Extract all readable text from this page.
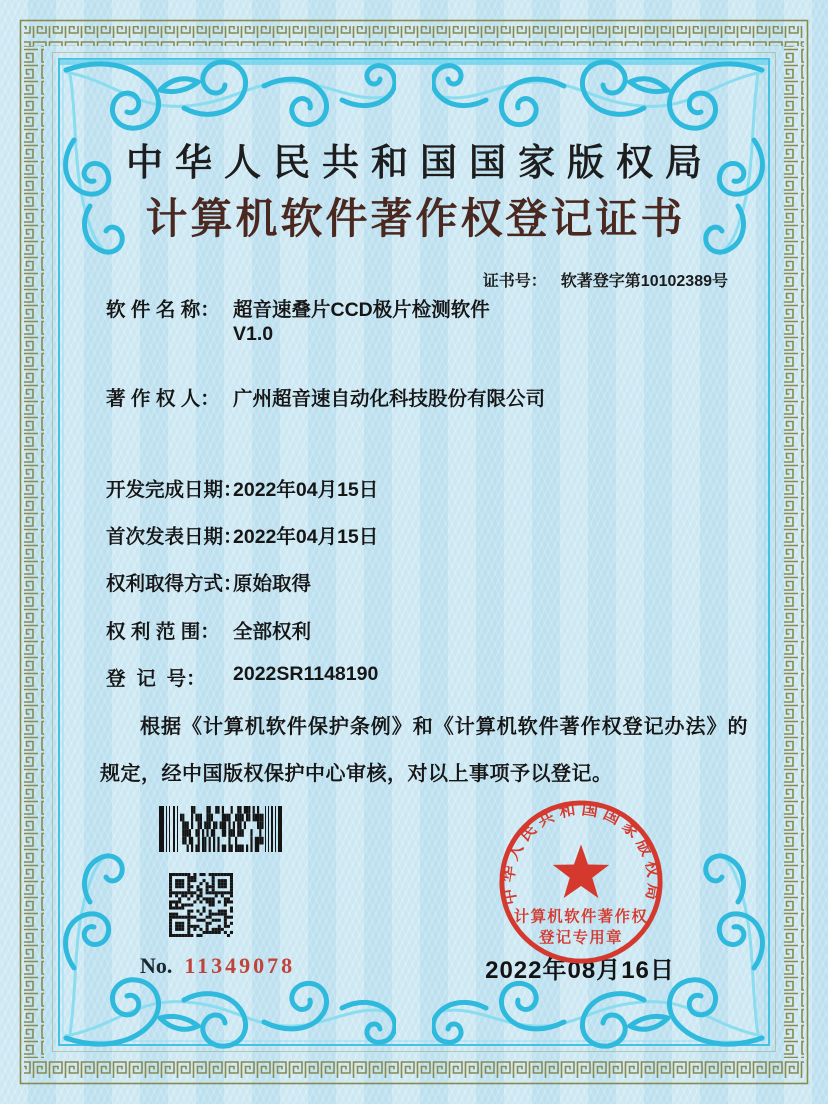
中华人民共和国国家版权局
计算机软件著作权登记证书

证书号： 软著登字第10102389号

软 件 名 称： 超音速叠片CCD极片检测软件
V1.0
著 作 权 人： 广州超音速自动化科技股份有限公司
开发完成日期：
2022年04月15日
首次发表日期：
2022年04月15日
权利取得方式：
原始取得
权 利 范 围： 全部权利
登  记  号： 2022SR1148190
根据《计算机软件保护条例》和《计算机软件著作权登记办法》的规定，经中国版权保护中心审核，对以上事项予以登记。
No. 11349078
中华人民共和国国家版权局
计算机软件著作权
登记专用章
2022年08月16日
